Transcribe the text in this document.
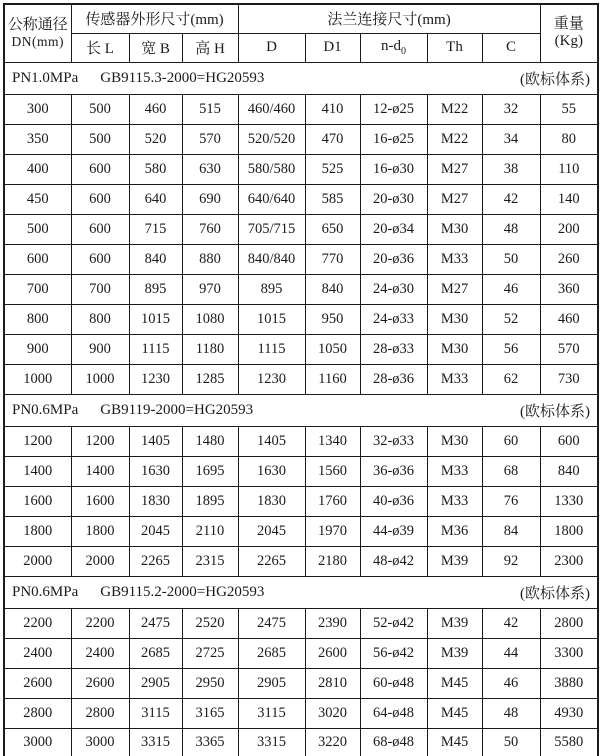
公称通径
DN(mm)
	传感器外形尺寸(mm)	法兰连接尺寸(mm)	重量
(Kg)

	长 L	宽 B	高 H	D	D1	$n-d_0$	Th	C	

PN1.0MPa GB9115.3-2000=HG20593 (欧标体系)									

300	500	460	515	460/460	410	12-ø25	M22	32	55
350	500	520	570	520/520	470	16-ø25	M22	34	80
400	600	580	630	580/580	525	16-ø30	M27	38	110
450	600	640	690	640/640	585	20-ø30	M27	42	140
500	600	715	760	705/715	650	20-ø34	M30	48	200
600	600	840	880	840/840	770	20-ø36	M33	50	260
700	700	895	970	895	840	24-ø30	M27	46	360
800	800	1015	1080	1015	950	24-ø33	M30	52	460
900	900	1115	1180	1115	1050	28-ø33	M30	56	570
1000	1000	1230	1285	1230	1160	28-ø36	M33	62	730

PN0.6MPa GB9119-2000=HG20593 (欧标体系)									

1200	1200	1405	1480	1405	1340	32-ø33	M30	60	600
1400	1400	1630	1695	1630	1560	36-ø36	M33	68	840
1600	1600	1830	1895	1830	1760	40-ø36	M33	76	1330
1800	1800	2045	2110	2045	1970	44-ø39	M36	84	1800
2000	2000	2265	2315	2265	2180	48-ø42	M39	92	2300

PN0.6MPa GB9115.2-2000=HG20593 (欧标体系)									

2200	2200	2475	2520	2475	2390	52-ø42	M39	42	2800
2400	2400	2685	2725	2685	2600	56-ø42	M39	44	3300
2600	2600	2905	2950	2905	2810	60-ø48	M45	46	3880
2800	2800	3115	3165	3115	3020	64-ø48	M45	48	4930
3000	3000	3315	3365	3315	3220	68-ø48	M45	50	5580
